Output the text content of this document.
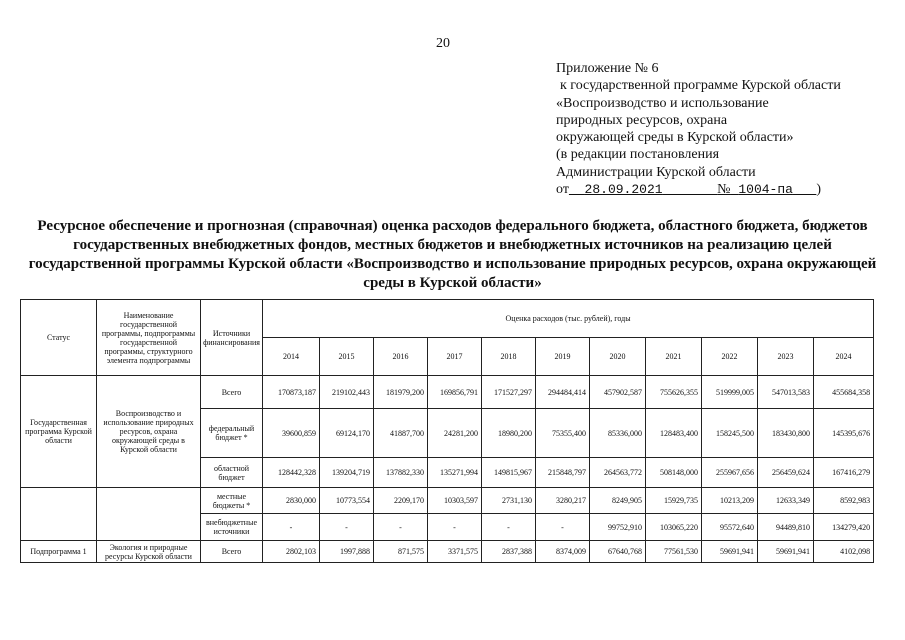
20
Приложение № 6
к государственной программе Курской области
«Воспроизводство и использование
природных ресурсов, охрана
окружающей среды в Курской области»
(в редакции постановления
Администрации Курской области
от 28.09.2021	№ 1004-па )
Ресурсное обеспечение и прогнозная (справочная) оценка расходов федерального бюджета, областного бюджета, бюджетов государственных внебюджетных фондов, местных бюджетов и внебюджетных источников на реализацию целей государственной программы Курской области «Воспроизводство и использование природных ресурсов, охрана окружающей среды в Курской области»
Статус	Наименование государственной программы, подпрограммы государственной программы, структурного элемента подпрограммы	Источники финансирования	Оценка расходов (тыс. рублей), годы										
			2014	2015	2016	2017	2018	2019	2020	2021	2022	2023	2024
Государственная программа Курской области	Воспроизводство и использование природных ресурсов, охрана окружающей среды в Курской области	Всего	170873,187	219102,443	181979,200	169856,791	171527,297	294484,414	457902,587	755626,355	519999,005	547013,583	455684,358
		федеральный бюджет *	39600,859	69124,170	41887,700	24281,200	18980,200	75355,400	85336,000	128483,400	158245,500	183430,800	145395,676
		областной бюджет	128442,328	139204,719	137882,330	135271,994	149815,967	215848,797	264563,772	508148,000	255967,656	256459,624	167416,279
		местные бюджеты *	2830,000	10773,554	2209,170	10303,597	2731,130	3280,217	8249,905	15929,735	10213,209	12633,349	8592,983
		внебюджетные источники	-	-	-	-	-	-	99752,910	103065,220	95572,640	94489,810	134279,420
Подпрограмма 1	Экология и природные ресурсы Курской области	Всего	2802,103	1997,888	871,575	3371,575	2837,388	8374,009	67640,768	77561,530	59691,941	59691,941	4102,098
